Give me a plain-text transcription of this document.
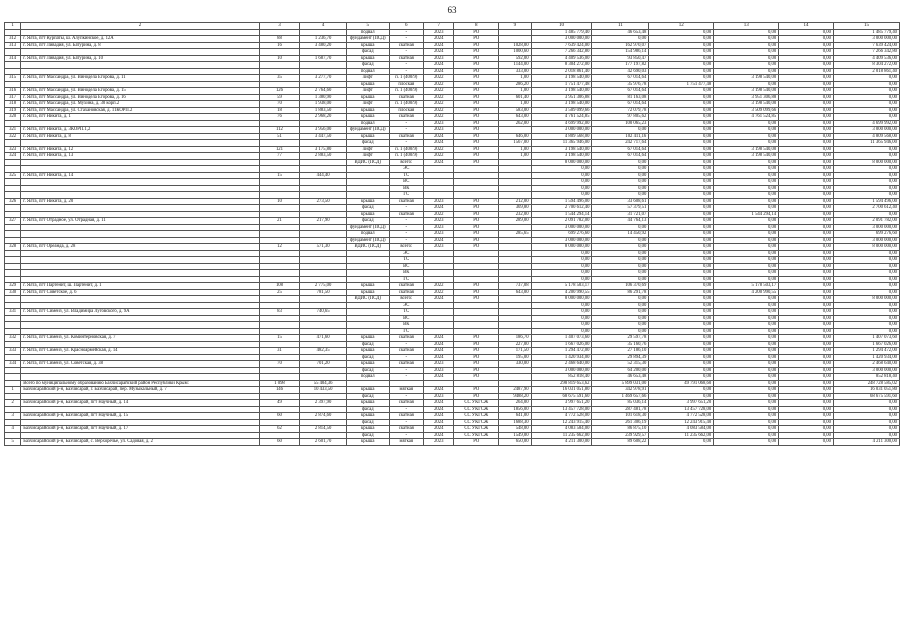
63
1	2	3	4	5	6	7	8	9	10	11	12	13	14	15
				подвал	-	2023	РО		1 485 779,40	46 653,48	0,00	0,00	0,00	1 485 779,40
312	г. Ялта, пгт Курпаты, ш. Алупкинское, д. 12А	88	1 236,70	фундамент (ПСД)	-	2024	РО		3 000 000,00	0,00	0,00	0,00	0,00	3 000 000,00
313	г. Ялта, пгт Ливадия, ул. Батурина, д. 8	16	3 480,20	крыша	скатная	2024	РО	1028,00	7 639 424,00	162 970,07	0,00	0,00	0,00	7 639 424,00
				фасад	-	2024	РО	1000,60	7 266 342,80	154 986,14	0,00	0,00	0,00	7 266 342,80
314	г. Ялта, пгт Ливадия, ул. Батурина, д. 10	10	1 687,70	крыша	скатная	2023	РО	592,00	4 409 536,00	93 850,47	0,00	0,00	0,00	4 409 536,00
				фасад	-	2024	РО	1144,00	8 304 272,00	177 197,82	0,00	0,00	0,00	8 304 272,00
				подвал	-	2024	РО	333,00	2 018 861,40	42 690,03	0,00	0,00	0,00	2 018 861,40
315	г. Ялта, пгт Массандра, ул. Винодела Егорова, д. 11	35	3 277,70	лифт	п. 1 (400/9)	2022	РО	1,00	3 198 540,00	67 014,64	0,00	3 198 540,00	0,00	0,00
				крыша	плоская	2022	РО	286,20	1 751 477,48	35 976,78	1 751 477,48	0,00	0,00	0,00
316	г. Ялта, пгт Массандра, ул. Винодела Егорова, д. 15	126	2 764,60	лифт	п. 1 (400/9)	2022	РО	1,00	3 198 540,00	67 014,64	0,00	3 198 540,00	0,00	0,00
317	г. Ялта, пгт Массандра, ул. Винодела Егорова, д. 16	59	1 380,90	крыша	скатная	2022	РО	601,40	3 951 306,88	81 163,08	0,00	3 951 306,88	0,00	0,00
318	г. Ялта, пгт Массандра, ул. Мухина, д. 30 корп.2	70	1 938,00	лифт	п. 1 (400/9)	2022	РО	1,00	3 198 540,00	67 014,64	0,00	3 198 540,00	0,00	0,00
319	г. Ялта, пгт Массандра, ул. Стахановская, д. 11КОРП.2	18	1 883,50	крыша	плоская	2022	РО	583,00	3 509 099,66	72 079,78	0,00	3 509 099,66	0,00	0,00
320	г. Ялта, пгт Никита, д. 1	76	2 968,20	крыша	скатная	2022	РО	643,00	4 761 524,85	97 805,62	0,00	4 761 524,85	0,00	0,00
				подвал	-	2023	РО	262,00	4 699 992,00	100 065,23	0,00	0,00	0,00	4 699 992,00
321	г. Ялта, пгт Никита, д. 3КОРП.1,2	112	3 956,00	фундамент (ПСД)	-	2023	РО		3 000 000,00	0,00	0,00	0,00	0,00	3 000 000,00
322	г. Ялта, пгт Никита, д. 8	51	3 447,50	крыша	скатная	2024	РО	646,00	4 809 568,00	102 411,16	0,00	0,00	0,00	4 809 568,00
				фасад	-	2024	РО	1567,00	11 365 946,00	242 717,64	0,00	0,00	0,00	11 365 946,00
323	г. Ялта, пгт Никита, д. 12	121	3 175,80	лифт	п. 1 (400/9)	2022	РО	1,00	3 198 540,00	67 014,64	0,00	3 198 540,00	0,00	0,00
324	г. Ялта, пгт Никита, д. 13	77	2 883,50	лифт	п. 1 (400/9)	2022	РО	1,00	3 198 540,00	67 014,64	0,00	3 198 540,00	0,00	0,00
				ВДИС (ПСД)	всего:	2024	РО		8 000 000,00	0,00	0,00	0,00	0,00	8 000 000,00
					ЭС				0,00	0,00	0,00	0,00	0,00	0,00
325	г. Ялта, пгт Никита, д. 14	15	444,40		ТС				0,00	0,00	0,00	0,00	0,00	0,00
					ВС				0,00	0,00	0,00	0,00	0,00	0,00
					ВК				0,00	0,00	0,00	0,00	0,00	0,00
					ГС				0,00	0,00	0,00	0,00	0,00	0,00
326	г. Ялта, пгт Никита, д. 20	10	273,50	крыша	скатная	2023	РО	212,00	1 594 496,00	33 608,61	0,00	0,00	0,00	1 594 496,00
				фасад	-	2024	РО	369,80	2 700 612,40	57 379,51	0,00	0,00	0,00	2 700 612,40
				крыша	скатная	2022	РО	232,00	1 544 294,14	31 721,07	0,00	1 544 294,14	0,00	0,00
327	г. Ялта, пгт Отрадное, ул. Отрадная, д. 11	21	217,90	фасад	-	2023	РО	289,00	2 091 782,00	44 764,13	0,00	0,00	0,00	2 091 782,00
				фундамент (ПСД)	-	2023	РО		3 000 000,00	0,00	0,00	0,00	0,00	3 000 000,00
				подвал	-	2023	РО	285,65	699 276,60	14 450,92	0,00	0,00	0,00	699 276,60
				фундамент (ПСД)	-	2024	РО		3 000 000,00	0,00	0,00	0,00	0,00	3 000 000,00
328	г. Ялта, пгт Ореанда, д. 28	12	571,30	ВДИС (ПСД)	всего:	2023	РО		8 000 000,00	0,00	0,00	0,00	0,00	8 000 000,00
					ЭС				0,00	0,00	0,00	0,00	0,00	0,00
					ТС				0,00	0,00	0,00	0,00	0,00	0,00
					ВС				0,00	0,00	0,00	0,00	0,00	0,00
					ВК				0,00	0,00	0,00	0,00	0,00	0,00
					ГС				0,00	0,00	0,00	0,00	0,00	0,00
329	г. Ялта, пгт Партенит, ш. Партенит, д. 1	108	2 775,00	крыша	скатная	2022	РО	737,08	5 178 503,17	106 370,69	0,00	5 178 503,17	0,00	0,00
330	г. Ялта, пгт Советское, д. 6	25	781,50	крыша	скатная	2022	РО	643,00	4 200 990,55	86 291,78	0,00	4 200 990,55	0,00	0,00
				ВДИС (ПСД)	всего:	2024	РО		8 000 000,00	0,00	0,00	0,00	0,00	8 000 000,00
					ЭС				0,00	0,00	0,00	0,00	0,00	0,00
331	г. Ялта, пгт Симеиз, ул. Владимира Луговского, д. 9А	83	740,65		ТС				0,00	0,00	0,00	0,00	0,00	0,00
					ВС				0,00	0,00	0,00	0,00	0,00	0,00
					ВК				0,00	0,00	0,00	0,00	0,00	0,00
					ГС				0,00	0,00	0,00	0,00	0,00	0,00
332	г. Ялта, пгт Симеиз, ул. Коминтерновская, д. 7	15	471,60	крыша	скатная	2024	РО	186,70	1 407 073,60	29 597,78	0,00	0,00	0,00	1 407 073,60
				фасад	-	2024	РО	227,00	1 667 026,00	35 160,76	0,00	0,00	0,00	1 667 026,00
333	г. Ялта, пгт Симеиз, ул. Красноармейская, д. 14	31	482,35	крыша	скатная	2024	РО	171,50	1 294 472,00	27 186,10	0,00	0,00	0,00	1 294 472,00
				фасад	-	2024	РО	195,00	1 420 934,00	29 894,39	0,00	0,00	0,00	1 420 934,00
334	г. Ялта, пгт Симеиз, ул. Советская, д. 38	70	701,20	крыша	скатная	2023	РО	330,00	2 468 640,00	52 315,30	0,00	0,00	0,00	2 468 640,00
				фасад	-	2023	РО		3 000 000,00	64 200,00	0,00	0,00	0,00	3 000 000,00
				подвал	-	2024	РО		852 818,40	46 653,48	0,00	0,00	0,00	852 818,40
	Всего по муниципальному образованию Бахчисарайский район Республики Крым:	1 098	55 404,36						298 819 653,62	5 899 031,00	49 791 068,60	0,00	0,00	248 728 585,02
1	Бахчисарайский р-н, Бахчисарай, г. Бахчисарай, пер. Музыкальный, д. 7	146	10 433,50	крыша	мягкая	2024	РО	2487,90	16 031 051,80	342 978,91	0,00	0,00	0,00	16 031 051,80
				фасад	-	2023	РО	9488,20	68 675 591,60	1 469 657,66	0,00	0,00	0,00	68 675 591,60
2	Бахчисарайский р-н, Бахчисарай, пгт Научный, д. 14	49	2 397,90	крыша	скатная	2024	СС УКГСЖ	264,00	3 997 651,20	85 036,14	3 997 651,20	0,00	0,00	0,00
				фасад	-	2024	СС УКГСЖ	1856,00	13 457 728,00	287 481,78	13 457 728,00	0,00	0,00	0,00
3	Бахчисарайский р-н, Бахчисарай, пгт Научный, д. 15	60	2 874,60	крыша	скатная	2024	СС УКГСЖ	641,00	4 772 528,00	101 618,30	4 772 528,00	0,00	0,00	0,00
				фасад	-	2024	СС УКГСЖ	1688,30	12 243 915,40	261 306,19	12 243 915,40	0,00	0,00	0,00
4	Бахчисарайский р-н, Бахчисарай, пгт Научный, д. 17	62	2 814,50	крыша	скатная	2024	СС УКГСЖ	548,00	4 083 584,00	86 875,10	4 083 584,00	0,00	0,00	0,00
				фасад	-	2024	СС УКГСЖ	1549,00	11 235 662,00	239 929,57	11 235 662,00	0,00	0,00	0,00
5	Бахчисарайский р-н, Бахчисарай, с. Верхоречье, ул. Садовая, д. 2	60	2 601,70	крыша	мягкая	2023	РО	650,00	4 211 300,00	89 608,22	0,00	0,00	0,00	4 211 300,00
